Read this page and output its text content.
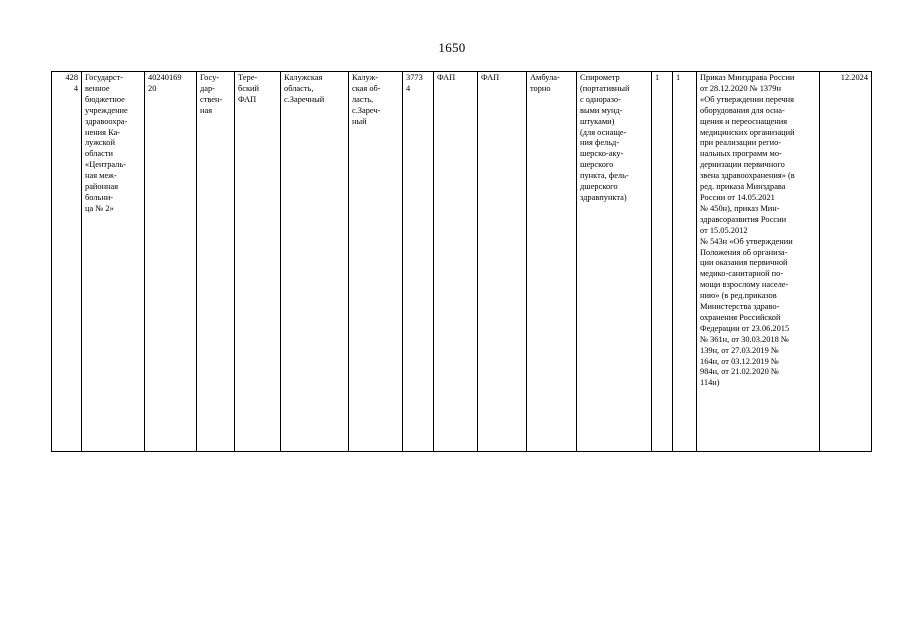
1650
428
4	Государст-
венное
бюджетное
учреждение
здравоохра-
нения Ка-
лужской
области
«Централь-
ная меж-
районная
больни-
ца № 2»	40240169
20	Госу-
дар-
ствен-
ная	Тере-
бский
ФАП	Калужская
область,
с.Заречный	Калуж-
ская об-
ласть,
с.Зареч-
ный	3773
4	ФАП	ФАП	Амбула-
торно	Спирометр
(портативный
с одноразо-
выми мунд-
штуками)
(для оснаще-
ния фельд-
шерско-аку-
шерского
пункта, фель-
дшерского
здравпункта)	1	1	Приказ Минздрава России
от 28.12.2020 № 1379н
«Об утверждении перечня
оборудования для осна-
щения и переоснащения
медицинских организаций
при реализации регио-
нальных программ мо-
дернизации первичного
звена здравоохранения» (в
ред. приказа Минздрава
России от 14.05.2021
№ 450н), приказ Мин-
здравсоразвития России
от 15.05.2012
№ 543н «Об утверждении
Положения об организа-
ции оказания первичной
медико-санитарной по-
мощи взрослому населе-
нию» (в ред.приказов
Министерства здраво-
охранения Российской
Федерации от 23.06.2015
№ 361н, от 30.03.2018 №
139н, от 27.03.2019 №
164н, от 03.12.2019 №
984н, от 21.02.2020 №
114н)	12.2024
